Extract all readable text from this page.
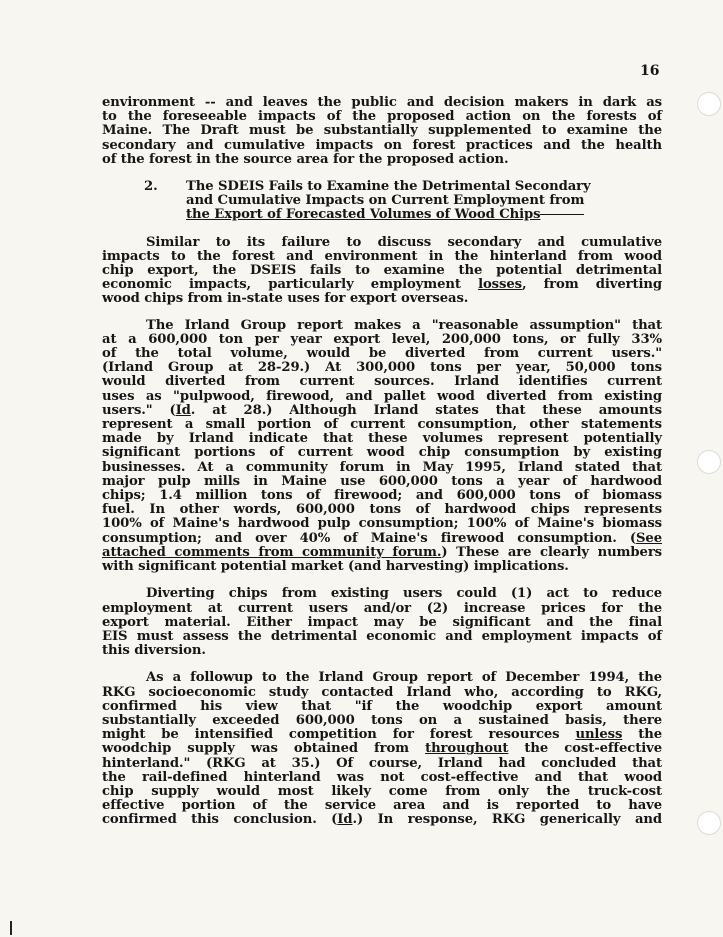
16
environment -- and leaves the public and decision makers in dark as
to the foreseeable impacts of the proposed action on the forests of
Maine. The Draft must be substantially supplemented to examine the
secondary and cumulative impacts on forest practices and the health
of the forest in the source area for the proposed action.
2. The SDEIS Fails to Examine the Detrimental Secondary
and Cumulative Impacts on Current Employment from
the Export of Forecasted Volumes of Wood Chips
Similar to its failure to discuss secondary and cumulative
impacts to the forest and environment in the hinterland from wood
chip export, the DSEIS fails to examine the potential detrimental
economic impacts, particularly employment losses, from diverting
wood chips from in-state uses for export overseas.
The Irland Group report makes a "reasonable assumption" that
at a 600,000 ton per year export level, 200,000 tons, or fully 33%
of the total volume, would be diverted from current users."
(Irland Group at 28-29.) At 300,000 tons per year, 50,000 tons
would diverted from current sources. Irland identifies current
uses as "pulpwood, firewood, and pallet wood diverted from existing
users." (Id. at 28.) Although Irland states that these amounts
represent a small portion of current consumption, other statements
made by Irland indicate that these volumes represent potentially
significant portions of current wood chip consumption by existing
businesses. At a community forum in May 1995, Irland stated that
major pulp mills in Maine use 600,000 tons a year of hardwood
chips; 1.4 million tons of firewood; and 600,000 tons of biomass
fuel. In other words, 600,000 tons of hardwood chips represents
100% of Maine's hardwood pulp consumption; 100% of Maine's biomass
consumption; and over 40% of Maine's firewood consumption. (See
attached comments from community forum.) These are clearly numbers
with significant potential market (and harvesting) implications.
Diverting chips from existing users could (1) act to reduce
employment at current users and/or (2) increase prices for the
export material. Either impact may be significant and the final
EIS must assess the detrimental economic and employment impacts of
this diversion.
As a followup to the Irland Group report of December 1994, the
RKG socioeconomic study contacted Irland who, according to RKG,
confirmed his view that "if the woodchip export amount
substantially exceeded 600,000 tons on a sustained basis, there
might be intensified competition for forest resources unless the
woodchip supply was obtained from throughout the cost-effective
hinterland." (RKG at 35.) Of course, Irland had concluded that
the rail-defined hinterland was not cost-effective and that wood
chip supply would most likely come from only the truck-cost
effective portion of the service area and is reported to have
confirmed this conclusion. (Id.) In response, RKG generically and
